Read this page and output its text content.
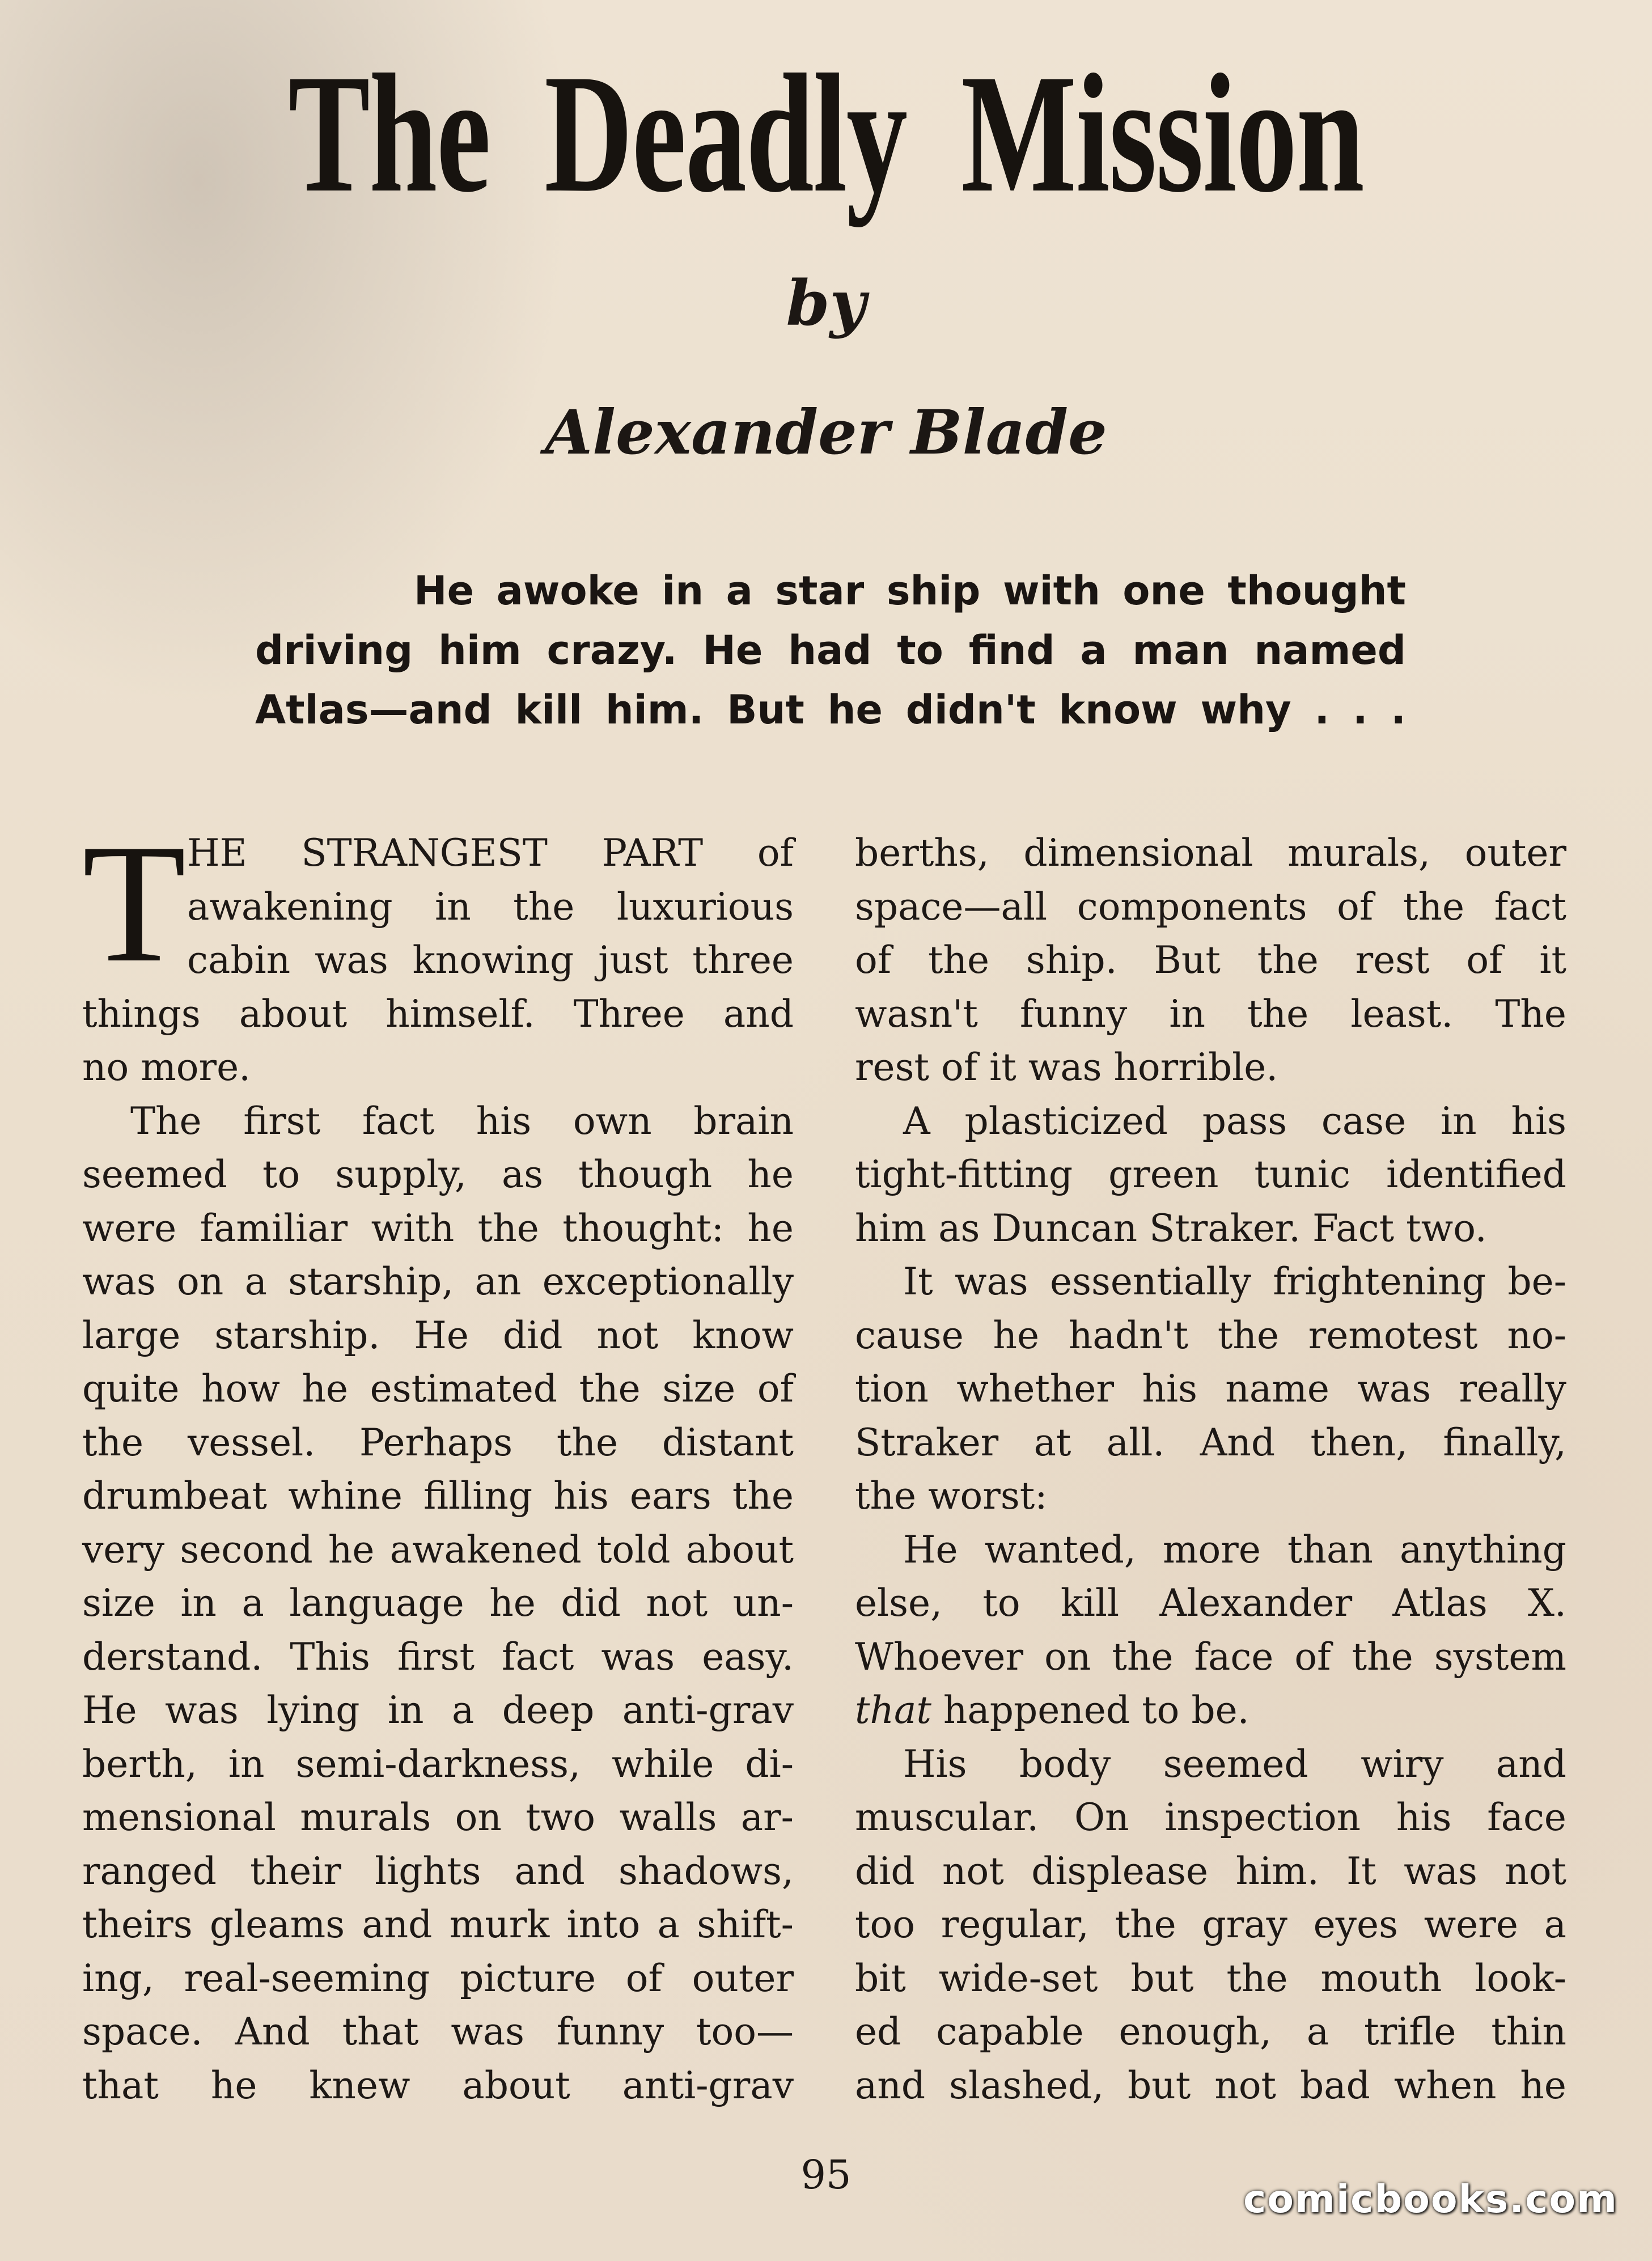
The Deadly Mission
by
Alexander Blade
He awoke in a star ship with one thought
driving him crazy. He had to find a man named
Atlas—and kill him. But he didn't know why . . .
T HE STRANGEST PART of
awakening in the luxurious
cabin was knowing just three
things about himself. Three and
no more.
The first fact his own brain
seemed to supply, as though he
were familiar with the thought: he
was on a starship, an exceptionally
large starship. He did not know
quite how he estimated the size of
the vessel. Perhaps the distant
drumbeat whine filling his ears the
very second he awakened told about
size in a language he did not un-
derstand. This first fact was easy.
He was lying in a deep anti-grav
berth, in semi-darkness, while di-
mensional murals on two walls ar-
ranged their lights and shadows,
theirs gleams and murk into a shift-
ing, real-seeming picture of outer
space. And that was funny too—
that he knew about anti-grav
berths, dimensional murals, outer
space—all components of the fact
of the ship. But the rest of it
wasn't funny in the least. The
rest of it was horrible.
A plasticized pass case in his
tight-fitting green tunic identified
him as Duncan Straker. Fact two.
It was essentially frightening be-
cause he hadn't the remotest no-
tion whether his name was really
Straker at all. And then, finally,
the worst:
He wanted, more than anything
else, to kill Alexander Atlas X.
Whoever on the face of the system
that happened to be.
His body seemed wiry and
muscular. On inspection his face
did not displease him. It was not
too regular, the gray eyes were a
bit wide-set but the mouth look-
ed capable enough, a trifle thin
and slashed, but not bad when he
95
comicbooks.com
